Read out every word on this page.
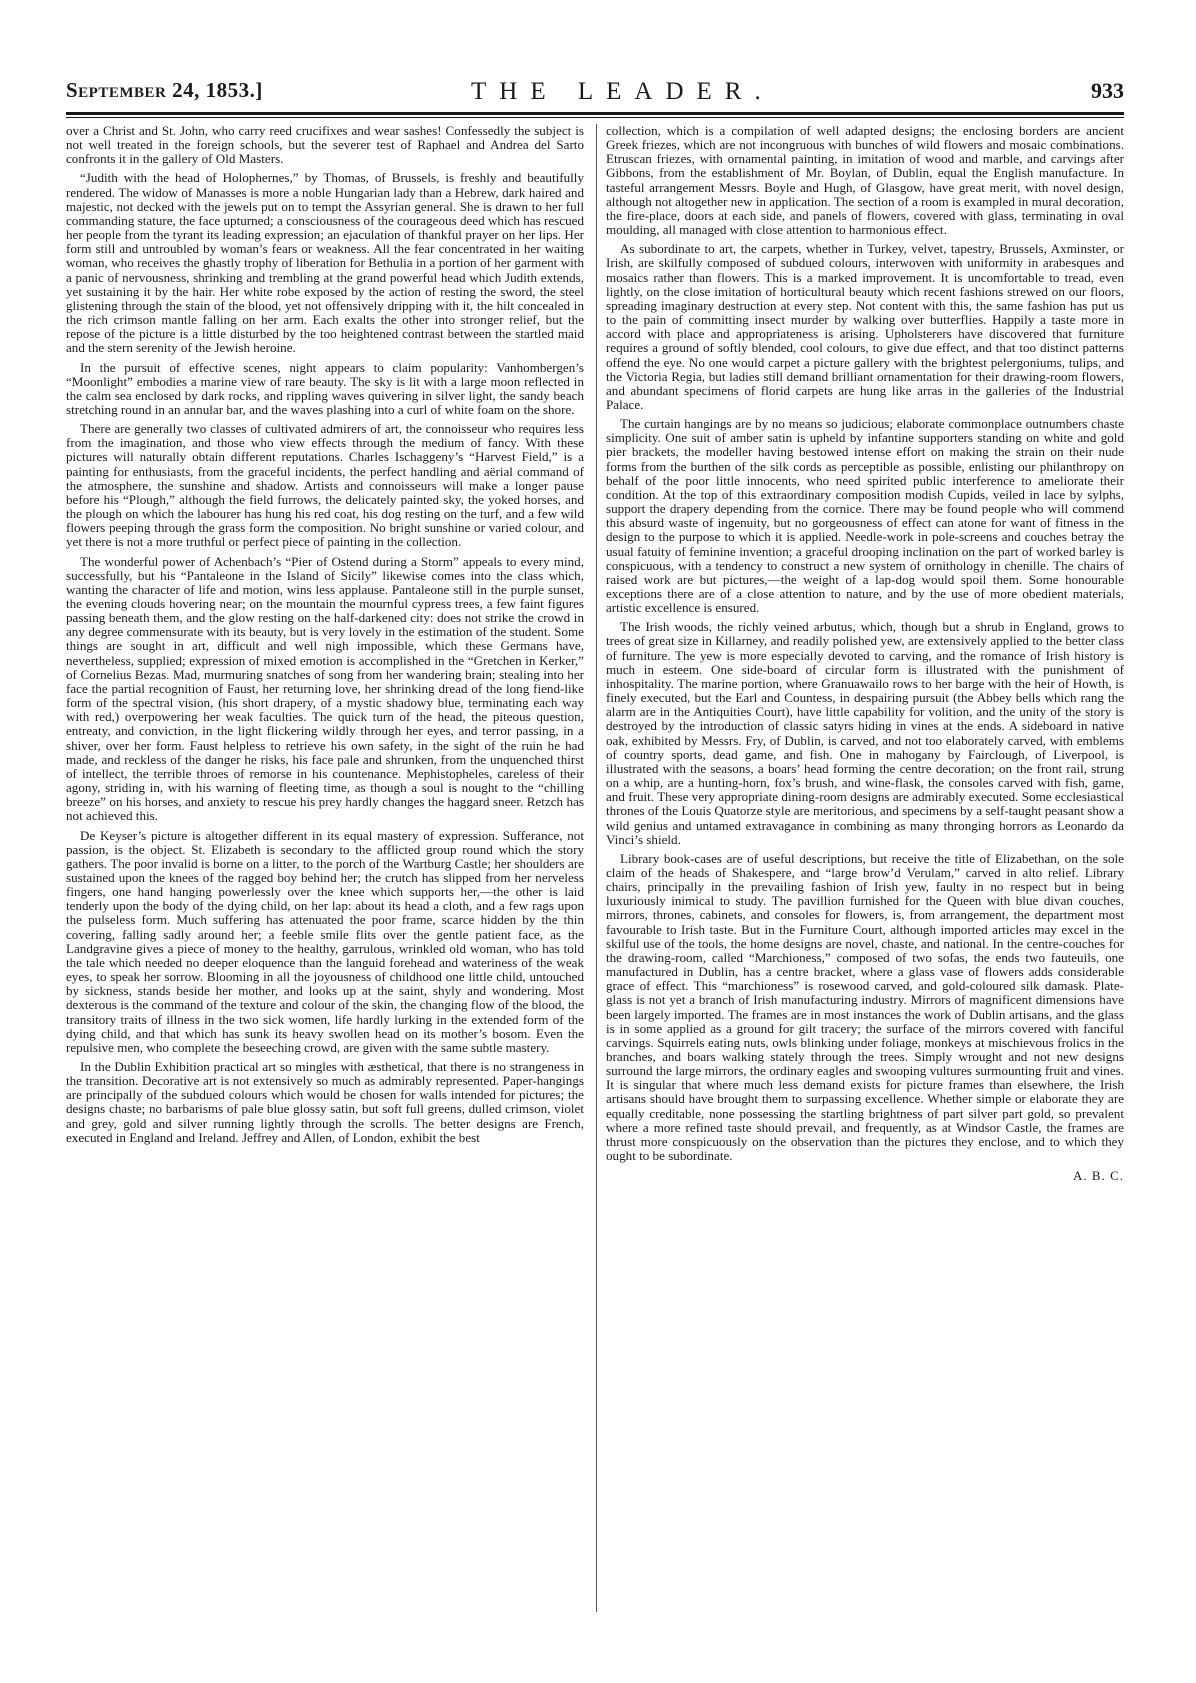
September 24, 1853.]	THE LEADER.	933

over a Christ and St. John, who carry reed crucifixes and wear sashes! Confessedly the subject is not well treated in the foreign schools, but the severer test of Raphael and Andrea del Sarto confronts it in the gallery of Old Masters.

“Judith with the head of Holophernes,” by Thomas, of Brussels, is freshly and beautifully rendered. The widow of Manasses is more a noble Hungarian lady than a Hebrew, dark haired and majestic, not decked with the jewels put on to tempt the Assyrian general. She is drawn to her full commanding stature, the face upturned; a consciousness of the courageous deed which has rescued her people from the tyrant its leading expression; an ejaculation of thankful prayer on her lips. Her form still and untroubled by woman’s fears or weakness. All the fear concentrated in her waiting woman, who receives the ghastly trophy of liberation for Bethulia in a portion of her garment with a panic of nervousness, shrinking and trembling at the grand powerful head which Judith extends, yet sustaining it by the hair. Her white robe exposed by the action of resting the sword, the steel glistening through the stain of the blood, yet not offensively dripping with it, the hilt concealed in the rich crimson mantle falling on her arm. Each exalts the other into stronger relief, but the repose of the picture is a little disturbed by the too heightened contrast between the startled maid and the stern serenity of the Jewish heroine.

In the pursuit of effective scenes, night appears to claim popularity: Vanhombergen’s “Moonlight” embodies a marine view of rare beauty. The sky is lit with a large moon reflected in the calm sea enclosed by dark rocks, and rippling waves quivering in silver light, the sandy beach stretching round in an annular bar, and the waves plashing into a curl of white foam on the shore.

There are generally two classes of cultivated admirers of art, the connoisseur who requires less from the imagination, and those who view effects through the medium of fancy. With these pictures will naturally obtain different reputations. Charles Ischaggeny’s “Harvest Field,” is a painting for enthusiasts, from the graceful incidents, the perfect handling and aërial command of the atmosphere, the sunshine and shadow. Artists and connoisseurs will make a longer pause before his “Plough,” although the field furrows, the delicately painted sky, the yoked horses, and the plough on which the labourer has hung his red coat, his dog resting on the turf, and a few wild flowers peeping through the grass form the composition. No bright sunshine or varied colour, and yet there is not a more truthful or perfect piece of painting in the collection.

The wonderful power of Achenbach’s “Pier of Ostend during a Storm” appeals to every mind, successfully, but his “Pantaleone in the Island of Sicily” likewise comes into the class which, wanting the character of life and motion, wins less applause. Pantaleone still in the purple sunset, the evening clouds hovering near; on the mountain the mournful cypress trees, a few faint figures passing beneath them, and the glow resting on the half-darkened city: does not strike the crowd in any degree commensurate with its beauty, but is very lovely in the estimation of the student. Some things are sought in art, difficult and well nigh impossible, which these Germans have, nevertheless, supplied; expression of mixed emotion is accomplished in the “Gretchen in Kerker,” of Cornelius Bezas. Mad, murmuring snatches of song from her wandering brain; stealing into her face the partial recognition of Faust, her returning love, her shrinking dread of the long fiend-like form of the spectral vision, (his short drapery, of a mystic shadowy blue, terminating each way with red,) overpowering her weak faculties. The quick turn of the head, the piteous question, entreaty, and conviction, in the light flickering wildly through her eyes, and terror passing, in a shiver, over her form. Faust helpless to retrieve his own safety, in the sight of the ruin he had made, and reckless of the danger he risks, his face pale and shrunken, from the unquenched thirst of intellect, the terrible throes of remorse in his countenance. Mephistopheles, careless of their agony, striding in, with his warning of fleeting time, as though a soul is nought to the “chilling breeze” on his horses, and anxiety to rescue his prey hardly changes the haggard sneer. Retzch has not achieved this.

De Keyser’s picture is altogether different in its equal mastery of expression. Sufferance, not passion, is the object. St. Elizabeth is secondary to the afflicted group round which the story gathers. The poor invalid is borne on a litter, to the porch of the Wartburg Castle; her shoulders are sustained upon the knees of the ragged boy behind her; the crutch has slipped from her nerveless fingers, one hand hanging powerlessly over the knee which supports her,—the other is laid tenderly upon the body of the dying child, on her lap: about its head a cloth, and a few rags upon the pulseless form. Much suffering has attenuated the poor frame, scarce hidden by the thin covering, falling sadly around her; a feeble smile flits over the gentle patient face, as the Landgravine gives a piece of money to the healthy, garrulous, wrinkled old woman, who has told the tale which needed no deeper eloquence than the languid forehead and wateriness of the weak eyes, to speak her sorrow. Blooming in all the joyousness of childhood one little child, untouched by sickness, stands beside her mother, and looks up at the saint, shyly and wondering. Most dexterous is the command of the texture and colour of the skin, the changing flow of the blood, the transitory traits of illness in the two sick women, life hardly lurking in the extended form of the dying child, and that which has sunk its heavy swollen head on its mother’s bosom. Even the repulsive men, who complete the beseeching crowd, are given with the same subtle mastery.

In the Dublin Exhibition practical art so mingles with æsthetical, that there is no strangeness in the transition. Decorative art is not extensively so much as admirably represented. Paper-hangings are principally of the subdued colours which would be chosen for walls intended for pictures; the designs chaste; no barbarisms of pale blue glossy satin, but soft full greens, dulled crimson, violet and grey, gold and silver running lightly through the scrolls. The better designs are French, executed in England and Ireland. Jeffrey and Allen, of London, exhibit the best

collection, which is a compilation of well adapted designs; the enclosing borders are ancient Greek friezes, which are not incongruous with bunches of wild flowers and mosaic combinations. Etruscan friezes, with ornamental painting, in imitation of wood and marble, and carvings after Gibbons, from the establishment of Mr. Boylan, of Dublin, equal the English manufacture. In tasteful arrangement Messrs. Boyle and Hugh, of Glasgow, have great merit, with novel design, although not altogether new in application. The section of a room is exampled in mural decoration, the fire-place, doors at each side, and panels of flowers, covered with glass, terminating in oval moulding, all managed with close attention to harmonious effect.

As subordinate to art, the carpets, whether in Turkey, velvet, tapestry, Brussels, Axminster, or Irish, are skilfully composed of subdued colours, interwoven with uniformity in arabesques and mosaics rather than flowers. This is a marked improvement. It is uncomfortable to tread, even lightly, on the close imitation of horticultural beauty which recent fashions strewed on our floors, spreading imaginary destruction at every step. Not content with this, the same fashion has put us to the pain of committing insect murder by walking over butterflies. Happily a taste more in accord with place and appropriateness is arising. Upholsterers have discovered that furniture requires a ground of softly blended, cool colours, to give due effect, and that too distinct patterns offend the eye. No one would carpet a picture gallery with the brightest pelergoniums, tulips, and the Victoria Regia, but ladies still demand brilliant ornamentation for their drawing-room flowers, and abundant specimens of florid carpets are hung like arras in the galleries of the Industrial Palace.

The curtain hangings are by no means so judicious; elaborate commonplace outnumbers chaste simplicity. One suit of amber satin is upheld by infantine supporters standing on white and gold pier brackets, the modeller having bestowed intense effort on making the strain on their nude forms from the burthen of the silk cords as perceptible as possible, enlisting our philanthropy on behalf of the poor little innocents, who need spirited public interference to ameliorate their condition. At the top of this extraordinary composition modish Cupids, veiled in lace by sylphs, support the drapery depending from the cornice. There may be found people who will commend this absurd waste of ingenuity, but no gorgeousness of effect can atone for want of fitness in the design to the purpose to which it is applied. Needle-work in pole-screens and couches betray the usual fatuity of feminine invention; a graceful drooping inclination on the part of worked barley is conspicuous, with a tendency to construct a new system of ornithology in chenille. The chairs of raised work are but pictures,—the weight of a lap-dog would spoil them. Some honourable exceptions there are of a close attention to nature, and by the use of more obedient materials, artistic excellence is ensured.

The Irish woods, the richly veined arbutus, which, though but a shrub in England, grows to trees of great size in Killarney, and readily polished yew, are extensively applied to the better class of furniture. The yew is more especially devoted to carving, and the romance of Irish history is much in esteem. One side-board of circular form is illustrated with the punishment of inhospitality. The marine portion, where Granuawailo rows to her barge with the heir of Howth, is finely executed, but the Earl and Countess, in despairing pursuit (the Abbey bells which rang the alarm are in the Antiquities Court), have little capability for volition, and the unity of the story is destroyed by the introduction of classic satyrs hiding in vines at the ends. A sideboard in native oak, exhibited by Messrs. Fry, of Dublin, is carved, and not too elaborately carved, with emblems of country sports, dead game, and fish. One in mahogany by Fairclough, of Liverpool, is illustrated with the seasons, a boars’ head forming the centre decoration; on the front rail, strung on a whip, are a hunting-horn, fox’s brush, and wine-flask, the consoles carved with fish, game, and fruit. These very appropriate dining-room designs are admirably executed. Some ecclesiastical thrones of the Louis Quatorze style are meritorious, and specimens by a self-taught peasant show a wild genius and untamed extravagance in combining as many thronging horrors as Leonardo da Vinci’s shield.

Library book-cases are of useful descriptions, but receive the title of Elizabethan, on the sole claim of the heads of Shakespere, and “large brow’d Verulam,” carved in alto relief. Library chairs, principally in the prevailing fashion of Irish yew, faulty in no respect but in being luxuriously inimical to study. The pavillion furnished for the Queen with blue divan couches, mirrors, thrones, cabinets, and consoles for flowers, is, from arrangement, the department most favourable to Irish taste. But in the Furniture Court, although imported articles may excel in the skilful use of the tools, the home designs are novel, chaste, and national. In the centre-couches for the drawing-room, called “Marchioness,” composed of two sofas, the ends two fauteuils, one manufactured in Dublin, has a centre bracket, where a glass vase of flowers adds considerable grace of effect. This “marchioness” is rosewood carved, and gold-coloured silk damask. Plate-glass is not yet a branch of Irish manufacturing industry. Mirrors of magnificent dimensions have been largely imported. The frames are in most instances the work of Dublin artisans, and the glass is in some applied as a ground for gilt tracery; the surface of the mirrors covered with fanciful carvings. Squirrels eating nuts, owls blinking under foliage, monkeys at mischievous frolics in the branches, and boars walking stately through the trees. Simply wrought and not new designs surround the large mirrors, the ordinary eagles and swooping vultures surmounting fruit and vines. It is singular that where much less demand exists for picture frames than elsewhere, the Irish artisans should have brought them to surpassing excellence. Whether simple or elaborate they are equally creditable, none possessing the startling brightness of part silver part gold, so prevalent where a more refined taste should prevail, and frequently, as at Windsor Castle, the frames are thrust more conspicuously on the observation than the pictures they enclose, and to which they ought to be subordinate.

A. B. C.
